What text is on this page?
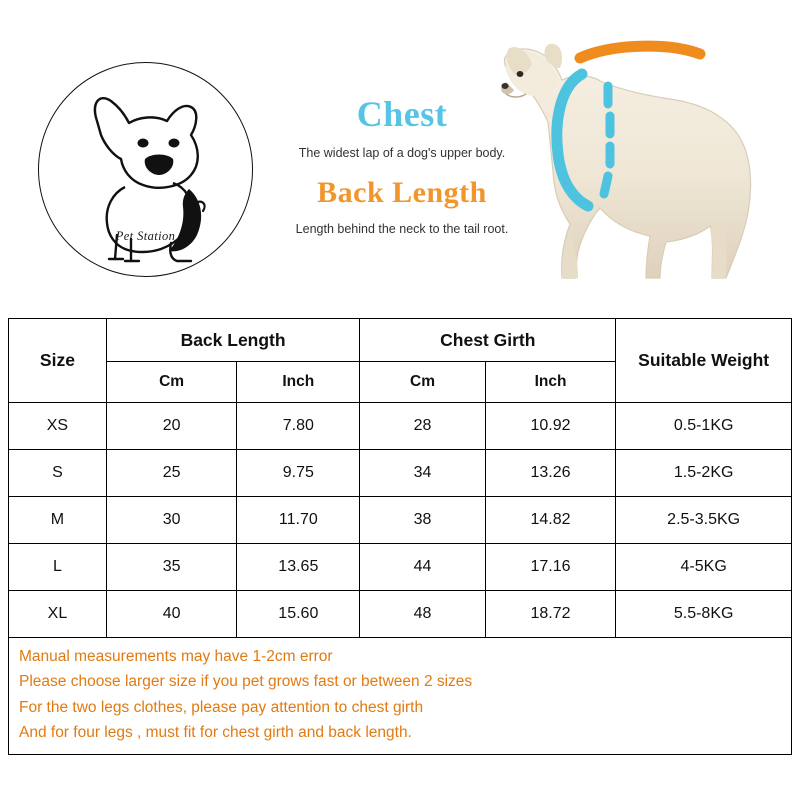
Pet Station
Chest
The widest lap of a dog's upper body.
Back Length
Length behind the neck to the tail root.
Size	Back Length		Chest Girth		Suitable Weight
	Cm	Inch	Cm	Inch	
XS	20	7.80	28	10.92	0.5-1KG
S	25	9.75	34	13.26	1.5-2KG
M	30	11.70	38	14.82	2.5-3.5KG
L	35	13.65	44	17.16	4-5KG
XL	40	15.60	48	18.72	5.5-8KG

Manual measurements may have 1-2cm error

Please choose larger size if you pet grows fast or between 2 sizes

For the two legs clothes, please pay attention to chest girth

And for four legs , must fit for chest girth and back length.
